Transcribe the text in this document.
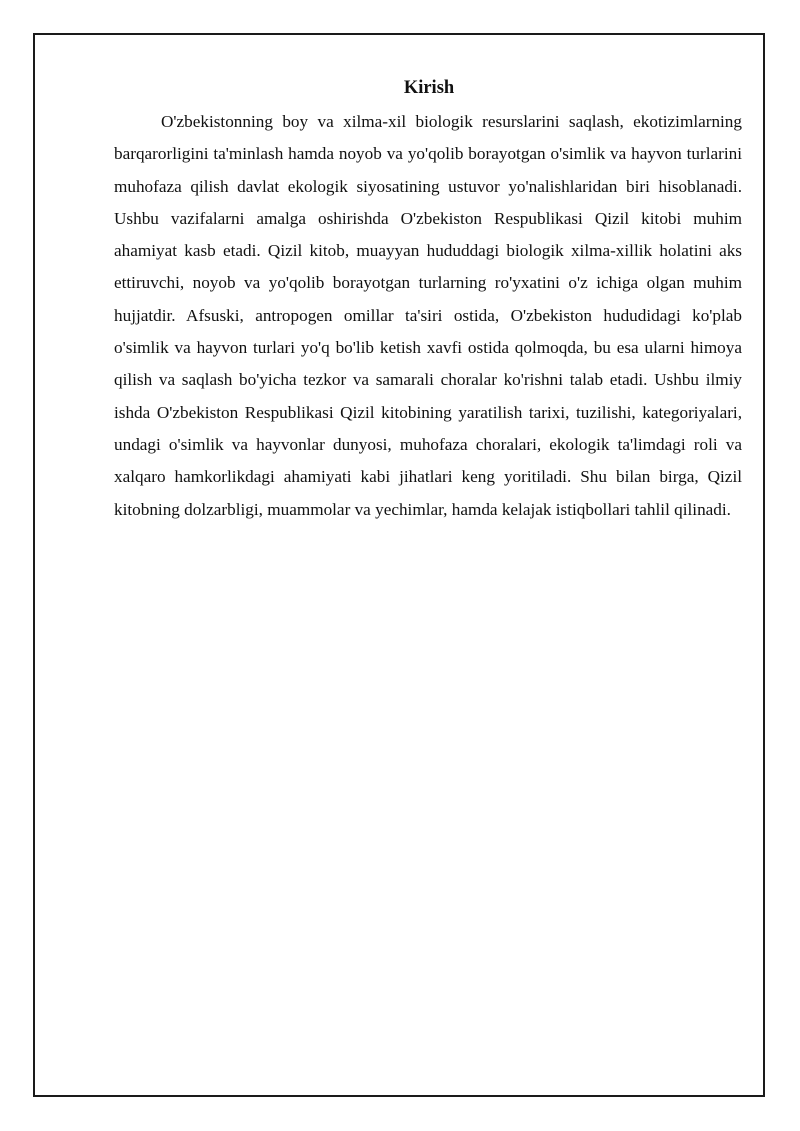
Kirish

O'zbekistonning boy va xilma-xil biologik resurslarini saqlash, ekotizimlarning barqarorligini ta'minlash hamda noyob va yo'qolib borayotgan o'simlik va hayvon turlarini muhofaza qilish davlat ekologik siyosatining ustuvor yo'nalishlaridan biri hisoblanadi. Ushbu vazifalarni amalga oshirishda O'zbekiston Respublikasi Qizil kitobi muhim ahamiyat kasb etadi. Qizil kitob, muayyan hududdagi biologik xilma-xillik holatini aks ettiruvchi, noyob va yo'qolib borayotgan turlarning ro'yxatini o'z ichiga olgan muhim hujjatdir. Afsuski, antropogen omillar ta'siri ostida, O'zbekiston hududidagi ko'plab o'simlik va hayvon turlari yo'q bo'lib ketish xavfi ostida qolmoqda, bu esa ularni himoya qilish va saqlash bo'yicha tezkor va samarali choralar ko'rishni talab etadi. Ushbu ilmiy ishda O'zbekiston Respublikasi Qizil kitobining yaratilish tarixi, tuzilishi, kategoriyalari, undagi o'simlik va hayvonlar dunyosi, muhofaza choralari, ekologik ta'limdagi roli va xalqaro hamkorlikdagi ahamiyati kabi jihatlari keng yoritiladi. Shu bilan birga, Qizil kitobning dolzarbligi, muammolar va yechimlar, hamda kelajak istiqbollari tahlil qilinadi.
